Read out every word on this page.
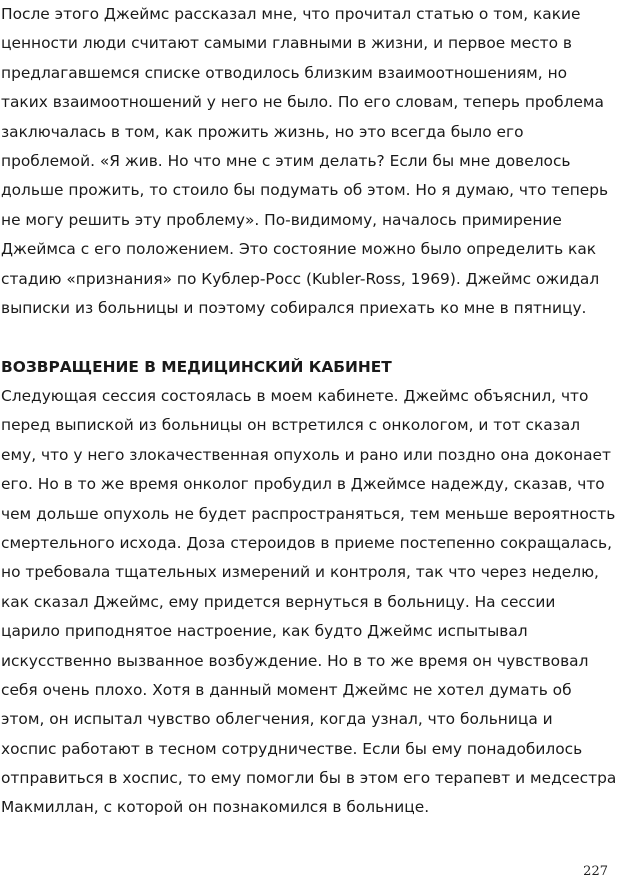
После этого Джеймс рассказал мне, что прочитал статью о том, какие
ценности люди считают самыми главными в жизни, и первое место в
предлагавшемся списке отводилось близким взаимоотношениям, но
таких взаимоотношений у него не было. По его словам, теперь проблема
заключалась в том, как прожить жизнь, но это всегда было его
проблемой. «Я жив. Но что мне с этим делать? Если бы мне довелось
дольше прожить, то стоило бы подумать об этом. Но я думаю, что теперь
не могу решить эту проблему». По-видимому, началось примирение
Джеймса с его положением. Это состояние можно было определить как
стадию «признания» по Кублер-Росс (Kubler-Ross, 1969). Джеймс ожидал
выписки из больницы и поэтому собирался приехать ко мне в пятницу.
ВОЗВРАЩЕНИЕ В МЕДИЦИНСКИЙ КАБИНЕТ
Следующая сессия состоялась в моем кабинете. Джеймс объяснил, что
перед выпиской из больницы он встретился с онкологом, и тот сказал
ему, что у него злокачественная опухоль и рано или поздно она доконает
его. Но в то же время онколог пробудил в Джеймсе надежду, сказав, что
чем дольше опухоль не будет распространяться, тем меньше вероятность
смертельного исхода. Доза стероидов в приеме постепенно сокращалась,
но требовала тщательных измерений и контроля, так что через неделю,
как сказал Джеймс, ему придется вернуться в больницу. На сессии
царило приподнятое настроение, как будто Джеймс испытывал
искусственно вызванное возбуждение. Но в то же время он чувствовал
себя очень плохо. Хотя в данный момент Джеймс не хотел думать об
этом, он испытал чувство облегчения, когда узнал, что больница и
хоспис работают в тесном сотрудничестве. Если бы ему понадобилось
отправиться в хоспис, то ему помогли бы в этом его терапевт и медсестра
Макмиллан, с которой он познакомился в больнице.
227
